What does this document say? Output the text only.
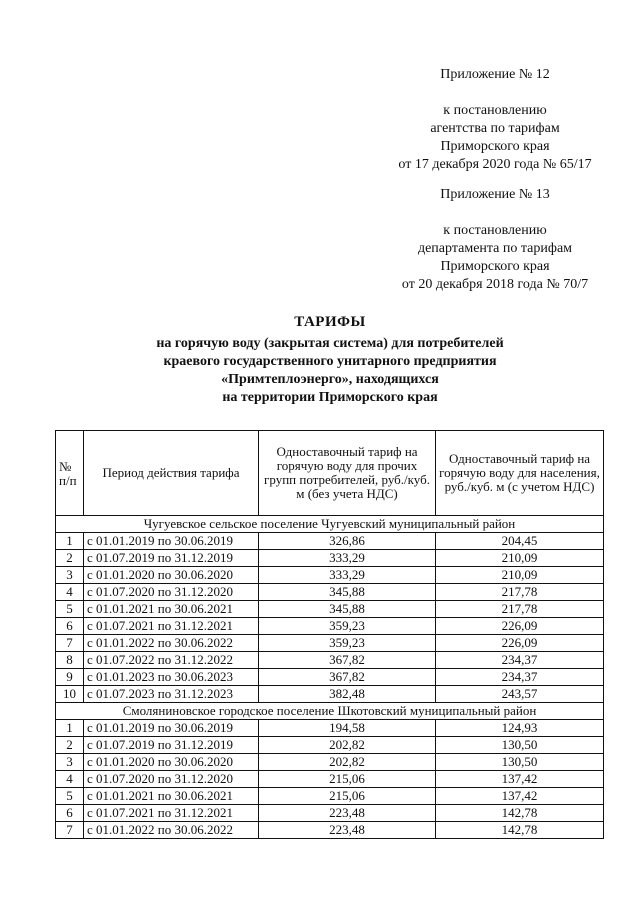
Приложение № 12
к постановлению
агентства по тарифам
Приморского края
от 17 декабря 2020 года № 65/17
Приложение № 13
к постановлению
департамента по тарифам
Приморского края
от 20 декабря 2018 года № 70/7
ТАРИФЫ
на горячую воду (закрытая система) для потребителей
краевого государственного унитарного предприятия
«Примтеплоэнерго», находящихся
на территории Приморского края
№
п/п	Период действия тарифа	Одноставочный тариф на горячую воду для прочих групп потребителей, руб./куб. м (без учета НДС)	Одноставочный тариф на горячую воду для населения, руб./куб. м (с учетом НДС)
Чугуевское сельское поселение Чугуевский муниципальный район			
1	с 01.01.2019 по 30.06.2019	326,86	204,45
2	с 01.07.2019 по 31.12.2019	333,29	210,09
3	с 01.01.2020 по 30.06.2020	333,29	210,09
4	с 01.07.2020 по 31.12.2020	345,88	217,78
5	с 01.01.2021 по 30.06.2021	345,88	217,78
6	с 01.07.2021 по 31.12.2021	359,23	226,09
7	с 01.01.2022 по 30.06.2022	359,23	226,09
8	с 01.07.2022 по 31.12.2022	367,82	234,37
9	с 01.01.2023 по 30.06.2023	367,82	234,37
10	с 01.07.2023 по 31.12.2023	382,48	243,57
Смоляниновское городское поселение Шкотовский муниципальный район			
1	с 01.01.2019 по 30.06.2019	194,58	124,93
2	с 01.07.2019 по 31.12.2019	202,82	130,50
3	с 01.01.2020 по 30.06.2020	202,82	130,50
4	с 01.07.2020 по 31.12.2020	215,06	137,42
5	с 01.01.2021 по 30.06.2021	215,06	137,42
6	с 01.07.2021 по 31.12.2021	223,48	142,78
7	с 01.01.2022 по 30.06.2022	223,48	142,78
